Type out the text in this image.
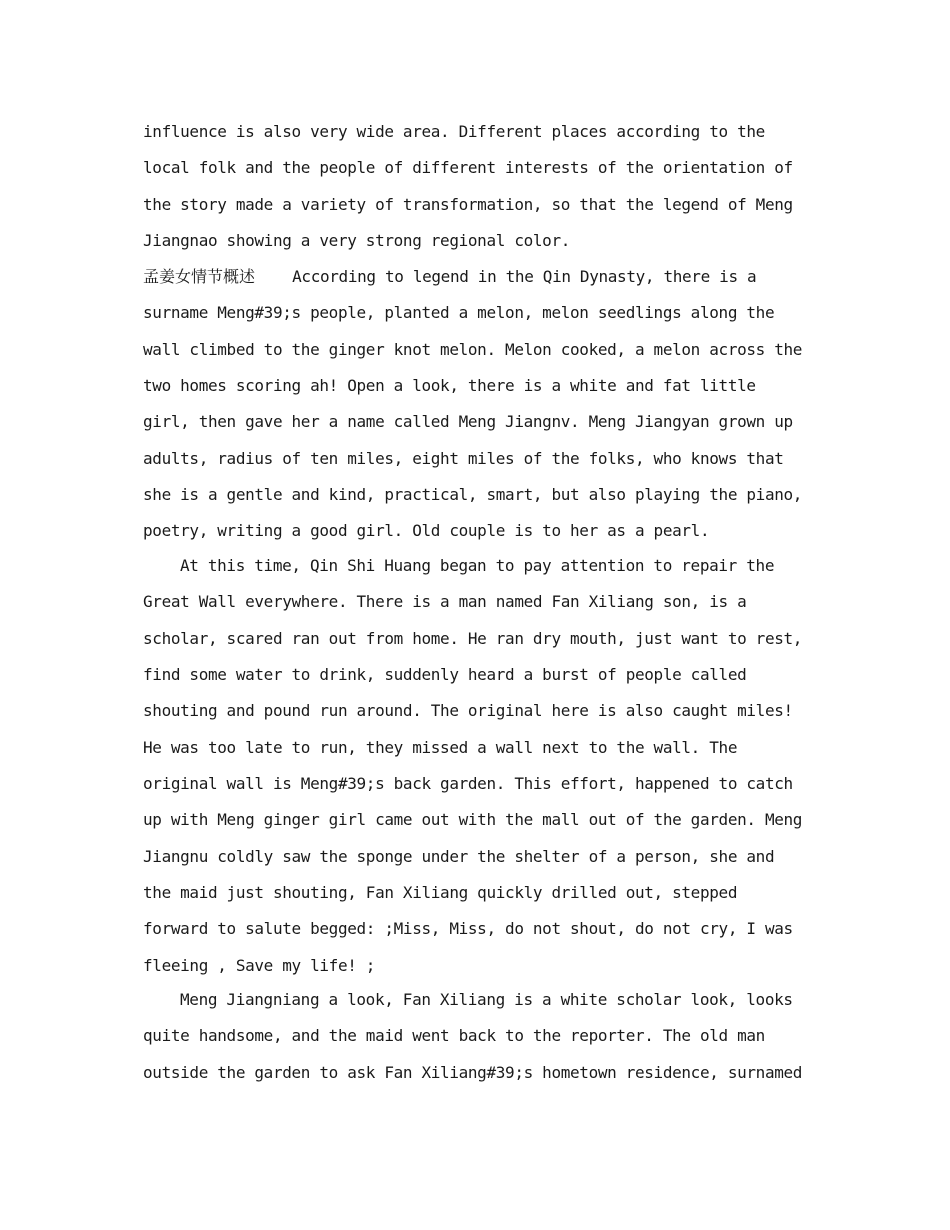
influence is also very wide area. Different places according to the
local folk and the people of different interests of the orientation of
the story made a variety of transformation, so that the legend of Meng
Jiangnao showing a very strong regional color.
孟姜女情节概述    According to legend in the Qin Dynasty, there is a
surname Meng#39;s people, planted a melon, melon seedlings along the
wall climbed to the ginger knot melon. Melon cooked, a melon across the
two homes scoring ah! Open a look, there is a white and fat little
girl, then gave her a name called Meng Jiangnv. Meng Jiangyan grown up
adults, radius of ten miles, eight miles of the folks, who knows that
she is a gentle and kind, practical, smart, but also playing the piano,
poetry, writing a good girl. Old couple is to her as a pearl.
At this time, Qin Shi Huang began to pay attention to repair the
Great Wall everywhere. There is a man named Fan Xiliang son, is a
scholar, scared ran out from home. He ran dry mouth, just want to rest,
find some water to drink, suddenly heard a burst of people called
shouting and pound run around. The original here is also caught miles!
He was too late to run, they missed a wall next to the wall. The
original wall is Meng#39;s back garden. This effort, happened to catch
up with Meng ginger girl came out with the mall out of the garden. Meng
Jiangnu coldly saw the sponge under the shelter of a person, she and
the maid just shouting, Fan Xiliang quickly drilled out, stepped
forward to salute begged: ;Miss, Miss, do not shout, do not cry, I was
fleeing , Save my life! ;
Meng Jiangniang a look, Fan Xiliang is a white scholar look, looks
quite handsome, and the maid went back to the reporter. The old man
outside the garden to ask Fan Xiliang#39;s hometown residence, surnamed
